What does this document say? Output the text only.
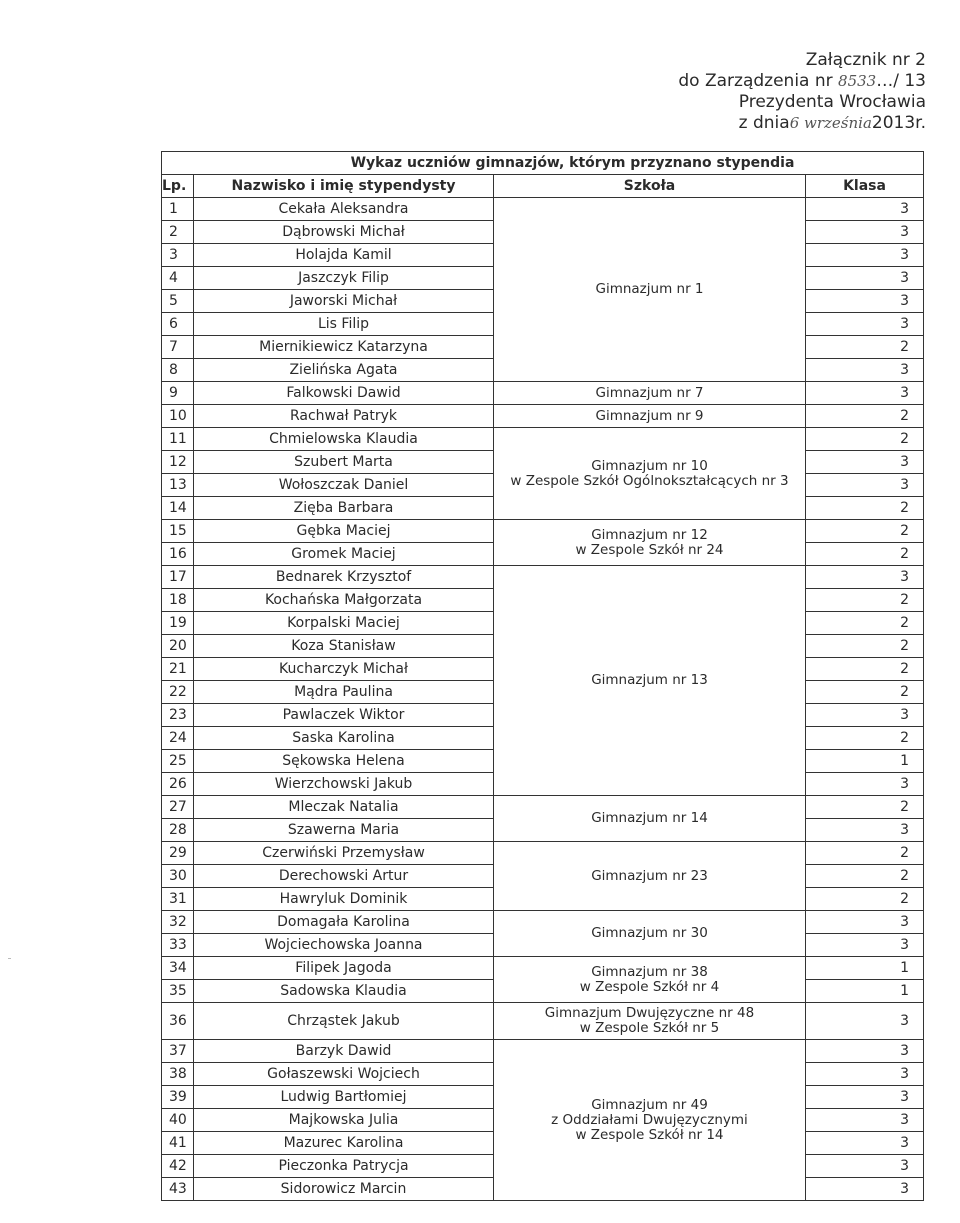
Załącznik nr 2
do Zarządzenia nr 8533…/ 13
Prezydenta Wrocławia
z dnia6 września2013r.
Wykaz uczniów gimnazjów, którym przyznano stypendia			
Lp.	Nazwisko i imię stypendysty	Szkoła	Klasa
1	Cekała Aleksandra	Gimnazjum nr 1	3
2	Dąbrowski Michał		3
3	Holajda Kamil		3
4	Jaszczyk Filip		3
5	Jaworski Michał		3
6	Lis Filip		3
7	Miernikiewicz Katarzyna		2
8	Zielińska Agata		3
9	Falkowski Dawid	Gimnazjum nr 7	3
10	Rachwał Patryk	Gimnazjum nr 9	2
11	Chmielowska Klaudia	Gimnazjum nr 10
w Zespole Szkół Ogólnokształcących nr 3	2
12	Szubert Marta		3
13	Wołoszczak Daniel		3
14	Zięba Barbara		2
15	Gębka Maciej	Gimnazjum nr 12
w Zespole Szkół nr 24	2
16	Gromek Maciej		2
17	Bednarek Krzysztof	Gimnazjum nr 13	3
18	Kochańska Małgorzata		2
19	Korpalski Maciej		2
20	Koza Stanisław		2
21	Kucharczyk Michał		2
22	Mądra Paulina		2
23	Pawlaczek Wiktor		3
24	Saska Karolina		2
25	Sękowska Helena		1
26	Wierzchowski Jakub		3
27	Mleczak Natalia	Gimnazjum nr 14	2
28	Szawerna Maria		3
29	Czerwiński Przemysław	Gimnazjum nr 23	2
30	Derechowski Artur		2
31	Hawryluk Dominik		2
32	Domagała Karolina	Gimnazjum nr 30	3
33	Wojciechowska Joanna		3
34	Filipek Jagoda	Gimnazjum nr 38
w Zespole Szkół nr 4	1
35	Sadowska Klaudia		1
36	Chrząstek Jakub	Gimnazjum Dwujęzyczne nr 48
w Zespole Szkół nr 5	3
37	Barzyk Dawid	Gimnazjum nr 49
z Oddziałami Dwujęzycznymi
w Zespole Szkół nr 14	3
38	Gołaszewski Wojciech		3
39	Ludwig Bartłomiej		3
40	Majkowska Julia		3
41	Mazurec Karolina		3
42	Pieczonka Patrycja		3
43	Sidorowicz Marcin		3
